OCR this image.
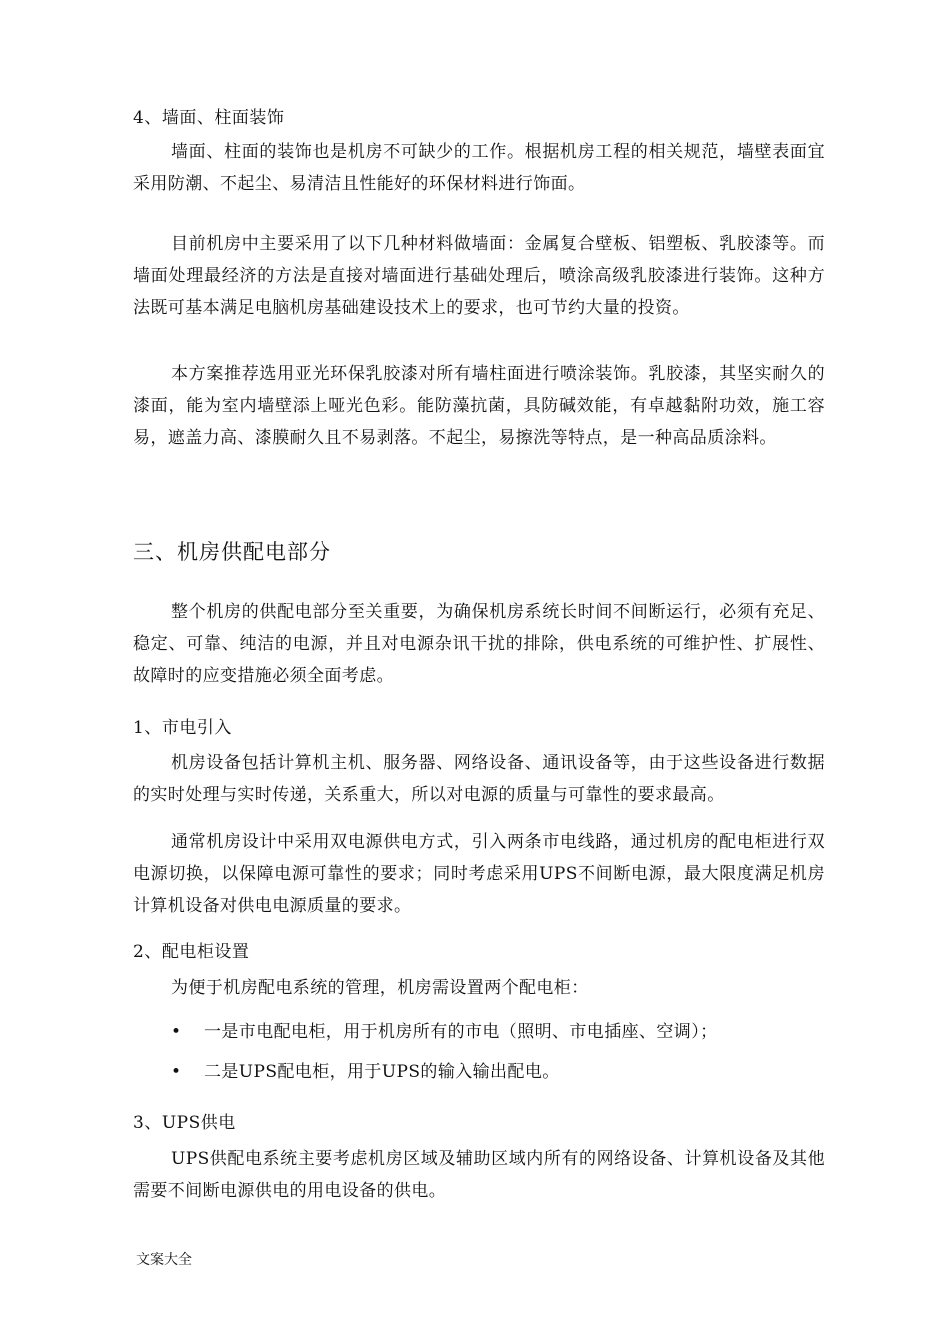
4、墙面、柱面装饰

墙面、柱面的装饰也是机房不可缺少的工作。根据机房工程的相关规范，墙壁表面宜采用防潮、不起尘、易清洁且性能好的环保材料进行饰面。

目前机房中主要采用了以下几种材料做墙面：金属复合壁板、铝塑板、乳胶漆等。而墙面处理最经济的方法是直接对墙面进行基础处理后，喷涂高级乳胶漆进行装饰。这种方法既可基本满足电脑机房基础建设技术上的要求，也可节约大量的投资。

本方案推荐选用亚光环保乳胶漆对所有墙柱面进行喷涂装饰。乳胶漆，其坚实耐久的漆面，能为室内墙壁添上哑光色彩。能防藻抗菌，具防碱效能，有卓越黏附功效，施工容易，遮盖力高、漆膜耐久且不易剥落。不起尘，易擦洗等特点，是一种高品质涂料。

三、机房供配电部分

整个机房的供配电部分至关重要，为确保机房系统长时间不间断运行，必须有充足、稳定、可靠、纯洁的电源，并且对电源杂讯干扰的排除，供电系统的可维护性、扩展性、故障时的应变措施必须全面考虑。

1、市电引入

机房设备包括计算机主机、服务器、网络设备、通讯设备等，由于这些设备进行数据的实时处理与实时传递，关系重大，所以对电源的质量与可靠性的要求最高。

通常机房设计中采用双电源供电方式，引入两条市电线路，通过机房的配电柜进行双电源切换，以保障电源可靠性的要求；同时考虑采用UPS不间断电源，最大限度满足机房计算机设备对供电电源质量的要求。

2、配电柜设置

为便于机房配电系统的管理，机房需设置两个配电柜：

• 一是市电配电柜，用于机房所有的市电（照明、市电插座、空调）；
• 二是UPS配电柜，用于UPS的输入输出配电。
3、UPS供电

UPS供配电系统主要考虑机房区域及辅助区域内所有的网络设备、计算机设备及其他需要不间断电源供电的用电设备的供电。

文案大全
